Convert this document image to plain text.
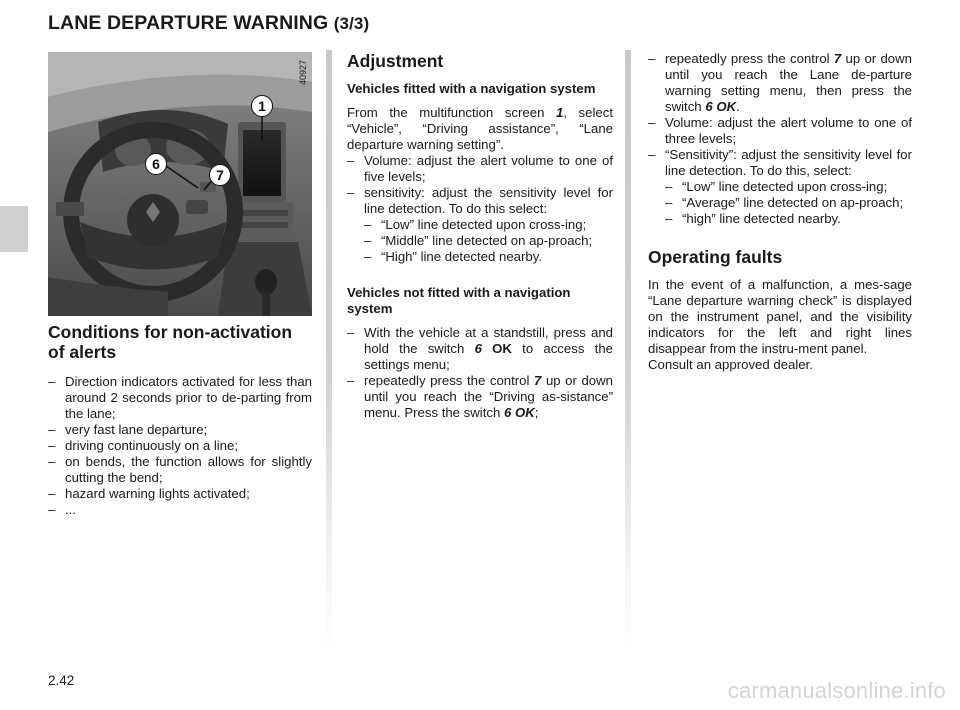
LANE DEPARTURE WARNING (3/3)
40927
1
6
7
Conditions for non-activation of alerts
– Direction indicators activated for less than around 2 seconds prior to de-parting from the lane;
– very fast lane departure;
– driving continuously on a line;
– on bends, the function allows for slightly cutting the bend;
– hazard warning lights activated;
– ...
Adjustment
Vehicles fitted with a navigation system
From the multifunction screen 1, select “Vehicle”, “Driving assistance”, “Lane departure warning setting”.
– Volume: adjust the alert volume to one of five levels;
– sensitivity: adjust the sensitivity level for line detection. To do this select:
– “Low” line detected upon cross-ing;
– “Middle” line detected on ap-proach;
– “High” line detected nearby.
Vehicles not fitted with a navigation system
– With the vehicle at a standstill, press and hold the switch 6 OK to access the settings menu;
– repeatedly press the control 7 up or down until you reach the “Driving as-sistance” menu. Press the switch 6 OK;
– repeatedly press the control 7 up or down until you reach the Lane de-parture warning setting menu, then press the switch 6 OK.
– Volume: adjust the alert volume to one of three levels;
– “Sensitivity”: adjust the sensitivity level for line detection. To do this, select:
– “Low” line detected upon cross-ing;
– “Average” line detected on ap-proach;
– “high” line detected nearby.
Operating faults
In the event of a malfunction, a mes-sage “Lane departure warning check” is displayed on the instrument panel, and the visibility indicators for the left and right lines disappear from the instru-ment panel.
Consult an approved dealer.
2.42	carmanualsonline.info
